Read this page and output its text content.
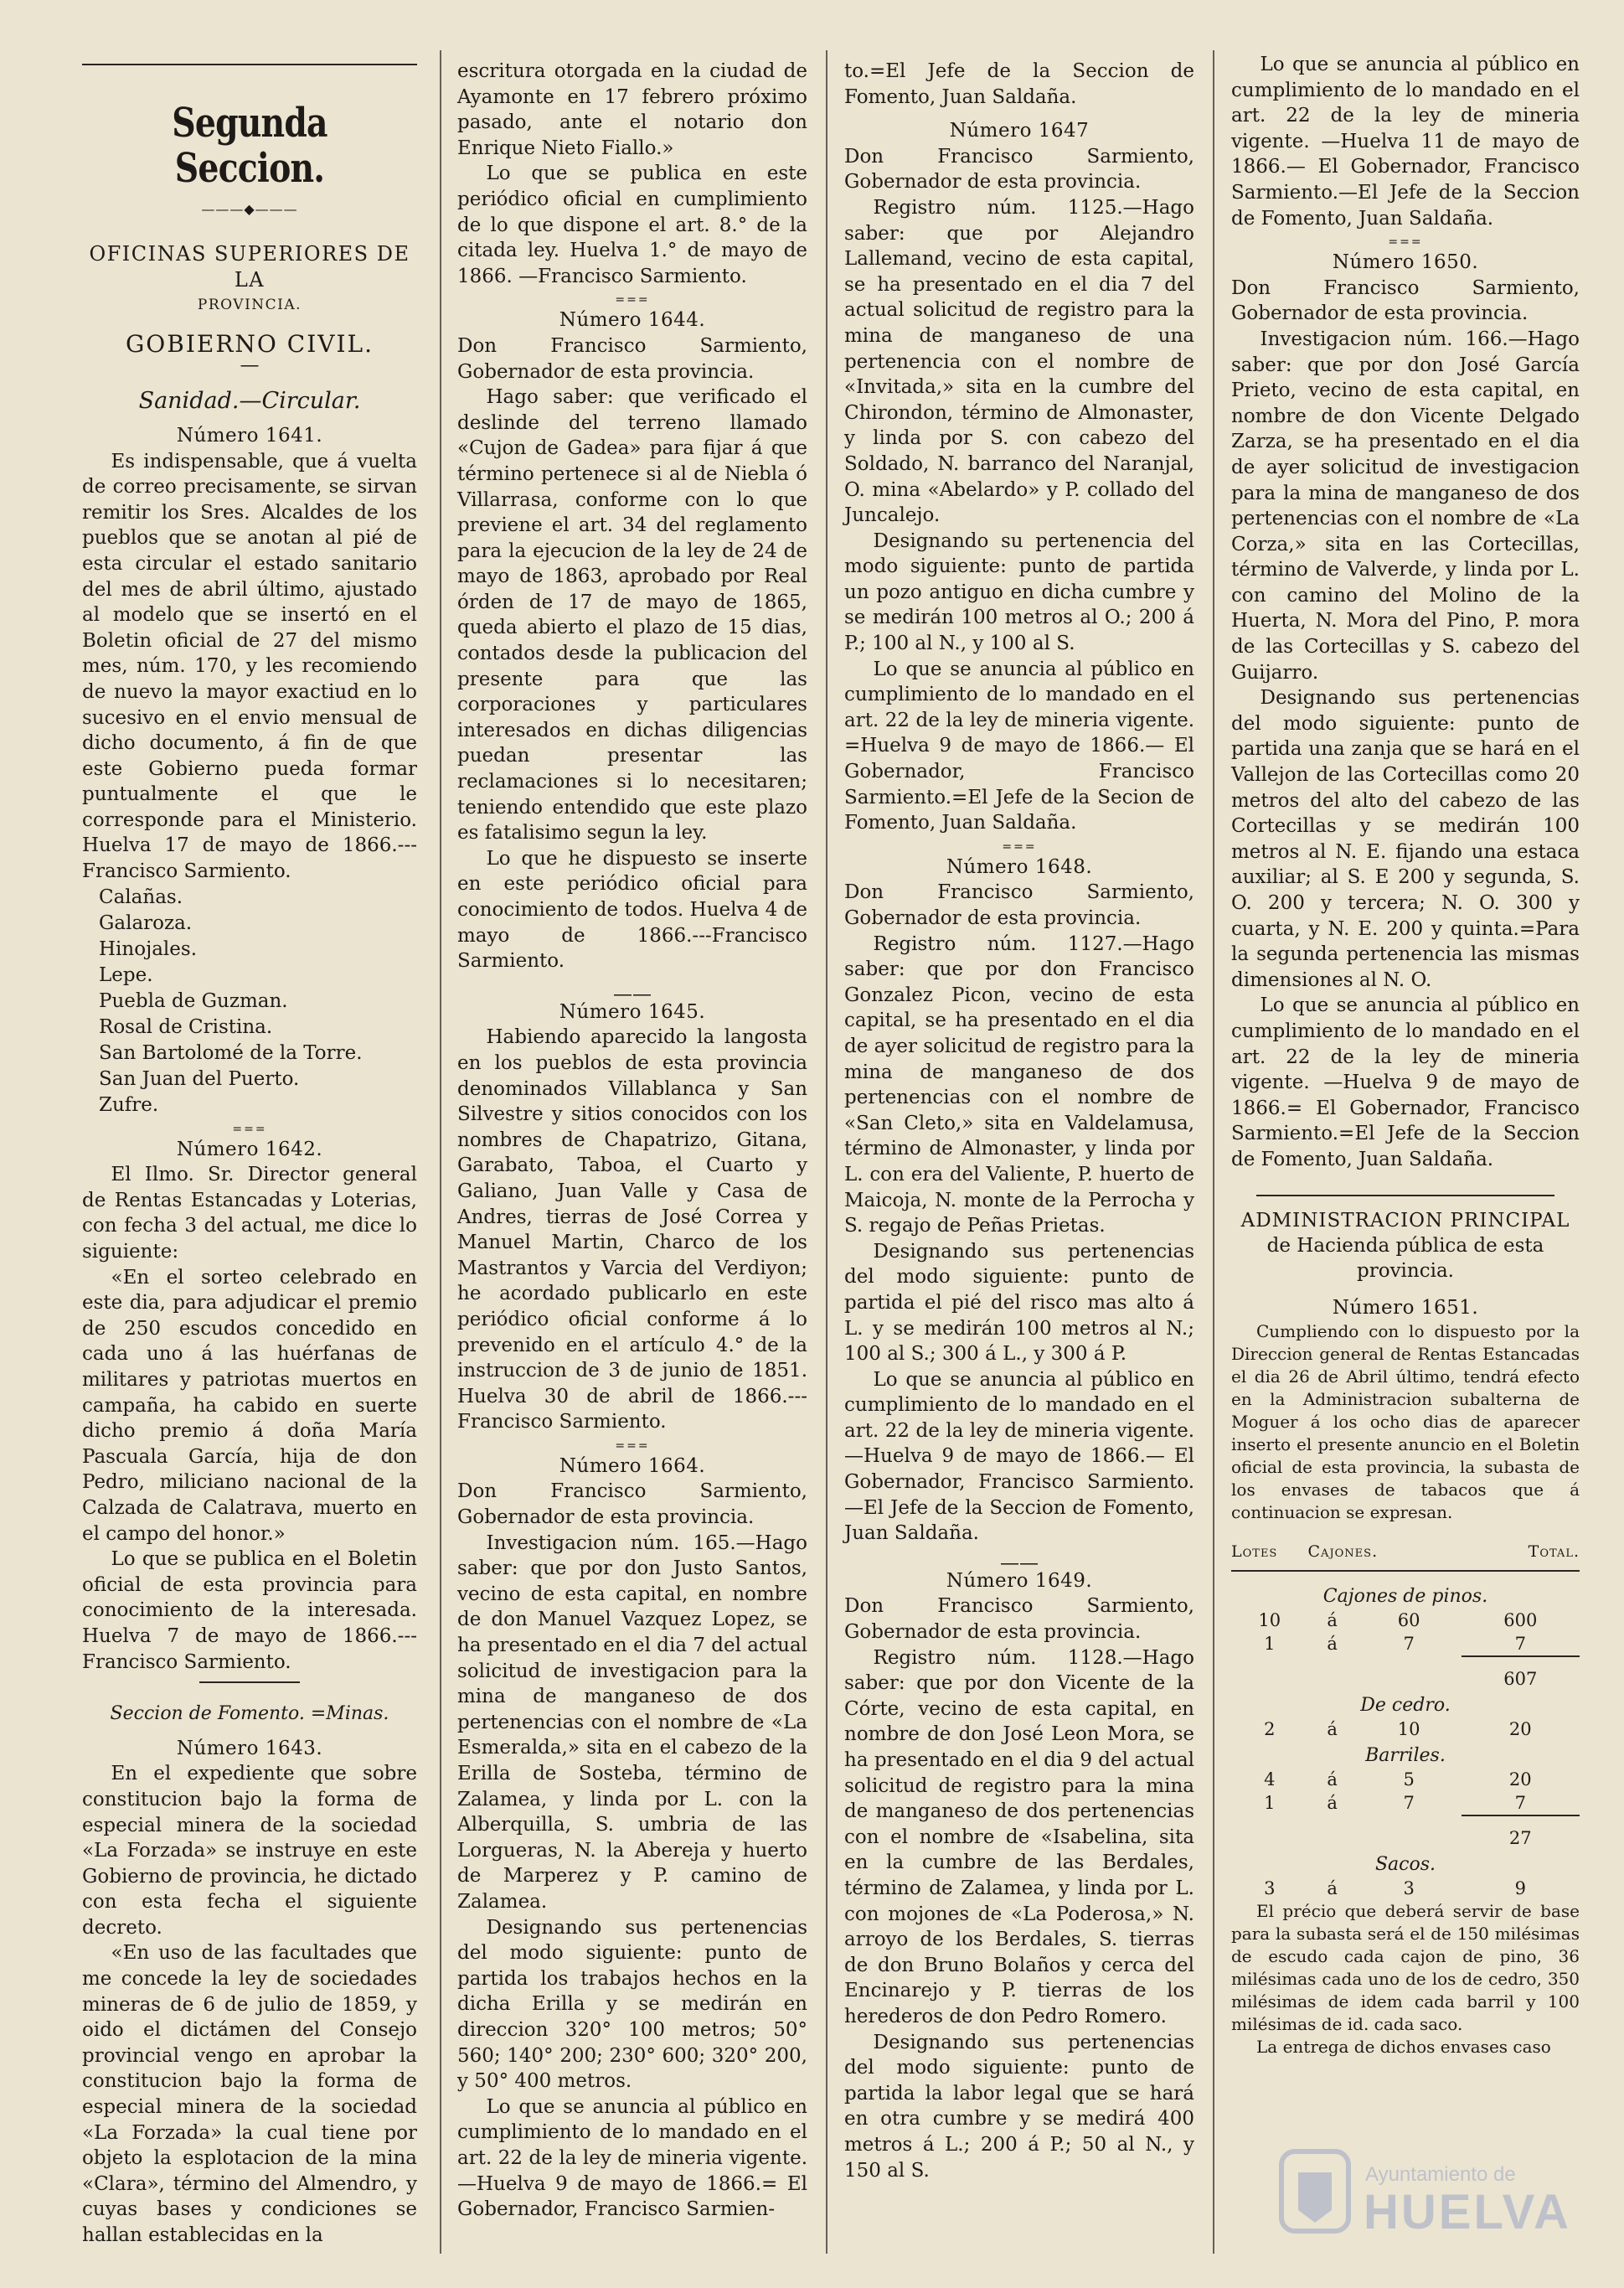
Segunda Seccion.
———◆———

OFICINAS SUPERIORES DE LA

PROVINCIA.

GOBIERNO CIVIL.

—

Sanidad.—Circular.

Número 1641.

Es indispensable, que á vuelta de correo precisamente, se sirvan remitir los Sres. Alcaldes de los pueblos que se anotan al pié de esta circular el estado sanitario del mes de abril último, ajustado al modelo que se insertó en el Boletin oficial de 27 del mismo mes, núm. 170, y les recomiendo de nuevo la mayor exactiud en lo sucesivo en el envio mensual de dicho documento, á fin de que este Gobierno pueda formar puntualmente el que le corresponde para el Ministerio. Huelva 17 de mayo de 1866.---Francisco Sarmiento.

Calañas.
Galaroza.
Hinojales.
Lepe.
Puebla de Guzman.
Rosal de Cristina.
San Bartolomé de la Torre.
San Juan del Puerto.
Zufre.

===

Número 1642.

El Ilmo. Sr. Director general de Rentas Estancadas y Loterias, con fecha 3 del actual, me dice lo siguiente:

«En el sorteo celebrado en este dia, para adjudicar el premio de 250 escudos concedido en cada uno á las huérfanas de militares y patriotas muertos en campaña, ha cabido en suerte dicho premio á doña María Pascuala García, hija de don Pedro, miliciano nacional de la Calzada de Calatrava, muerto en el campo del honor.»

Lo que se publica en el Boletin oficial de esta provincia para conocimiento de la interesada. Huelva 7 de mayo de 1866.---Francisco Sarmiento.

Seccion de Fomento. =Minas.

Número 1643.

En el expediente que sobre constitucion bajo la forma de especial minera de la sociedad «La Forzada» se instruye en este Gobierno de provincia, he dictado con esta fecha el siguiente decreto.

«En uso de las facultades que me concede la ley de sociedades mineras de 6 de julio de 1859, y oido el dictámen del Consejo provincial vengo en aprobar la constitucion bajo la forma de especial minera de la sociedad «La Forzada» la cual tiene por objeto la esplotacion de la mina «Clara», término del Almendro, y cuyas bases y condiciones se hallan establecidas en la

escritura otorgada en la ciudad de Ayamonte en 17 febrero próximo pasado, ante el notario don Enrique Nieto Fiallo.»

Lo que se publica en este periódico oficial en cumplimiento de lo que dispone el art. 8.° de la citada ley. Huelva 1.° de mayo de 1866. —Francisco Sarmiento.

===

Número 1644.

Don Francisco Sarmiento, Gobernador de esta provincia.

Hago saber: que verificado el deslinde del terreno llamado «Cujon de Gadea» para fijar á que término pertenece si al de Niebla ó Villarrasa, conforme con lo que previene el art. 34 del reglamento para la ejecucion de la ley de 24 de mayo de 1863, aprobado por Real órden de 17 de mayo de 1865, queda abierto el plazo de 15 dias, contados desde la publicacion del presente para que las corporaciones y particulares interesados en dichas diligencias puedan presentar las reclamaciones si lo necesitaren; teniendo entendido que este plazo es fatalisimo segun la ley.

Lo que he dispuesto se inserte en este periódico oficial para conocimiento de todos. Huelva 4 de mayo de 1866.---Francisco Sarmiento.

——

Número 1645.

Habiendo aparecido la langosta en los pueblos de esta provincia denominados Villablanca y San Silvestre y sitios conocidos con los nombres de Chapatrizo, Gitana, Garabato, Taboa, el Cuarto y Galiano, Juan Valle y Casa de Andres, tierras de José Correa y Manuel Martin, Charco de los Mastrantos y Varcia del Verdiyon; he acordado publicarlo en este periódico oficial conforme á lo prevenido en el artículo 4.° de la instruccion de 3 de junio de 1851. Huelva 30 de abril de 1866.---Francisco Sarmiento.

===

Número 1664.

Don Francisco Sarmiento, Gobernador de esta provincia.

Investigacion núm. 165.—Hago saber: que por don Justo Santos, vecino de esta capital, en nombre de don Manuel Vazquez Lopez, se ha presentado en el dia 7 del actual solicitud de investigacion para la mina de manganeso de dos pertenencias con el nombre de «La Esmeralda,» sita en el cabezo de la Erilla de Sosteba, término de Zalamea, y linda por L. con la Alberquilla, S. umbria de las Lorgueras, N. la Abereja y huerto de Marperez y P. camino de Zalamea.

Designando sus pertenencias del modo siguiente: punto de partida los trabajos hechos en la dicha Erilla y se medirán en direccion 320° 100 metros; 50° 560; 140° 200; 230° 600; 320° 200, y 50° 400 metros.

Lo que se anuncia al público en cumplimiento de lo mandado en el art. 22 de la ley de mineria vigente. —Huelva 9 de mayo de 1866.= El Gobernador, Francisco Sarmien-

to.=El Jefe de la Seccion de Fomento, Juan Saldaña.

Número 1647

Don Francisco Sarmiento, Gobernador de esta provincia.

Registro núm. 1125.—Hago saber: que por Alejandro Lallemand, vecino de esta capital, se ha presentado en el dia 7 del actual solicitud de registro para la mina de manganeso de una pertenencia con el nombre de «Invitada,» sita en la cumbre del Chirondon, término de Almonaster, y linda por S. con cabezo del Soldado, N. barranco del Naranjal, O. mina «Abelardo» y P. collado del Juncalejo.

Designando su pertenencia del modo siguiente: punto de partida un pozo antiguo en dicha cumbre y se medirán 100 metros al O.; 200 á P.; 100 al N., y 100 al S.

Lo que se anuncia al público en cumplimiento de lo mandado en el art. 22 de la ley de mineria vigente. =Huelva 9 de mayo de 1866.— El Gobernador, Francisco Sarmiento.=El Jefe de la Secion de Fomento, Juan Saldaña.

===

Número 1648.

Don Francisco Sarmiento, Gobernador de esta provincia.

Registro núm. 1127.—Hago saber: que por don Francisco Gonzalez Picon, vecino de esta capital, se ha presentado en el dia de ayer solicitud de registro para la mina de manganeso de dos pertenencias con el nombre de «San Cleto,» sita en Valdelamusa, término de Almonaster, y linda por L. con era del Valiente, P. huerto de Maicoja, N. monte de la Perrocha y S. regajo de Peñas Prietas.

Designando sus pertenencias del modo siguiente: punto de partida el pié del risco mas alto á L. y se medirán 100 metros al N.; 100 al S.; 300 á L., y 300 á P.

Lo que se anuncia al público en cumplimiento de lo mandado en el art. 22 de la ley de mineria vigente. —Huelva 9 de mayo de 1866.— El Gobernador, Francisco Sarmiento.—El Jefe de la Seccion de Fomento, Juan Saldaña.

——

Número 1649.

Don Francisco Sarmiento, Gobernador de esta provincia.

Registro núm. 1128.—Hago saber: que por don Vicente de la Córte, vecino de esta capital, en nombre de don José Leon Mora, se ha presentado en el dia 9 del actual solicitud de registro para la mina de manganeso de dos pertenencias con el nombre de «Isabelina, sita en la cumbre de las Berdales, término de Zalamea, y linda por L. con mojones de «La Poderosa,» N. arroyo de los Berdales, S. tierras de don Bruno Bolaños y cerca del Encinarejo y P. tierras de los herederos de don Pedro Romero.

Designando sus pertenencias del modo siguiente: punto de partida la labor legal que se hará en otra cumbre y se medirá 400 metros á L.; 200 á P.; 50 al N., y 150 al S.

Lo que se anuncia al público en cumplimiento de lo mandado en el art. 22 de la ley de mineria vigente. —Huelva 11 de mayo de 1866.— El Gobernador, Francisco Sarmiento.—El Jefe de la Seccion de Fomento, Juan Saldaña.

===

Número 1650.

Don Francisco Sarmiento, Gobernador de esta provincia.

Investigacion núm. 166.—Hago saber: que por don José García Prieto, vecino de esta capital, en nombre de don Vicente Delgado Zarza, se ha presentado en el dia de ayer solicitud de investigacion para la mina de manganeso de dos pertenencias con el nombre de «La Corza,» sita en las Cortecillas, término de Valverde, y linda por L. con camino del Molino de la Huerta, N. Mora del Pino, P. mora de las Cortecillas y S. cabezo del Guijarro.

Designando sus pertenencias del modo siguiente: punto de partida una zanja que se hará en el Vallejon de las Cortecillas como 20 metros del alto del cabezo de las Cortecillas y se medirán 100 metros al N. E. fijando una estaca auxiliar; al S. E 200 y segunda, S. O. 200 y tercera; N. O. 300 y cuarta, y N. E. 200 y quinta.=Para la segunda pertenencia las mismas dimensiones al N. O.

Lo que se anuncia al público en cumplimiento de lo mandado en el art. 22 de la ley de mineria vigente. —Huelva 9 de mayo de 1866.= El Gobernador, Francisco Sarmiento.=El Jefe de la Seccion de Fomento, Juan Saldaña.

ADMINISTRACION PRINCIPAL

de Hacienda pública de esta provincia.

Número 1651.

Cumpliendo con lo dispuesto por la Direccion general de Rentas Estancadas el dia 26 de Abril último, tendrá efecto en la Administracion subalterna de Moguer á los ocho dias de aparecer inserto el presente anuncio en el Boletin oficial de esta provincia, la subasta de los envases de tabacos que á continuacion se expresan.

Lotes	Cajones.		Total.
Cajones de pinos.			
10	á	60	600
1	á	7	7
			607
De cedro.			
2	á	10	20
Barriles.			
4	á	5	20
1	á	7	7
			27
Sacos.			
3	á	3	9

El précio que deberá servir de base para la subasta será el de 150 milésimas de escudo cada cajon de pino, 36 milésimas cada uno de los de cedro, 350 milésimas de idem cada barril y 100 milésimas de id. cada saco.

La entrega de dichos envases caso

Ayuntamiento de
HUELVA
